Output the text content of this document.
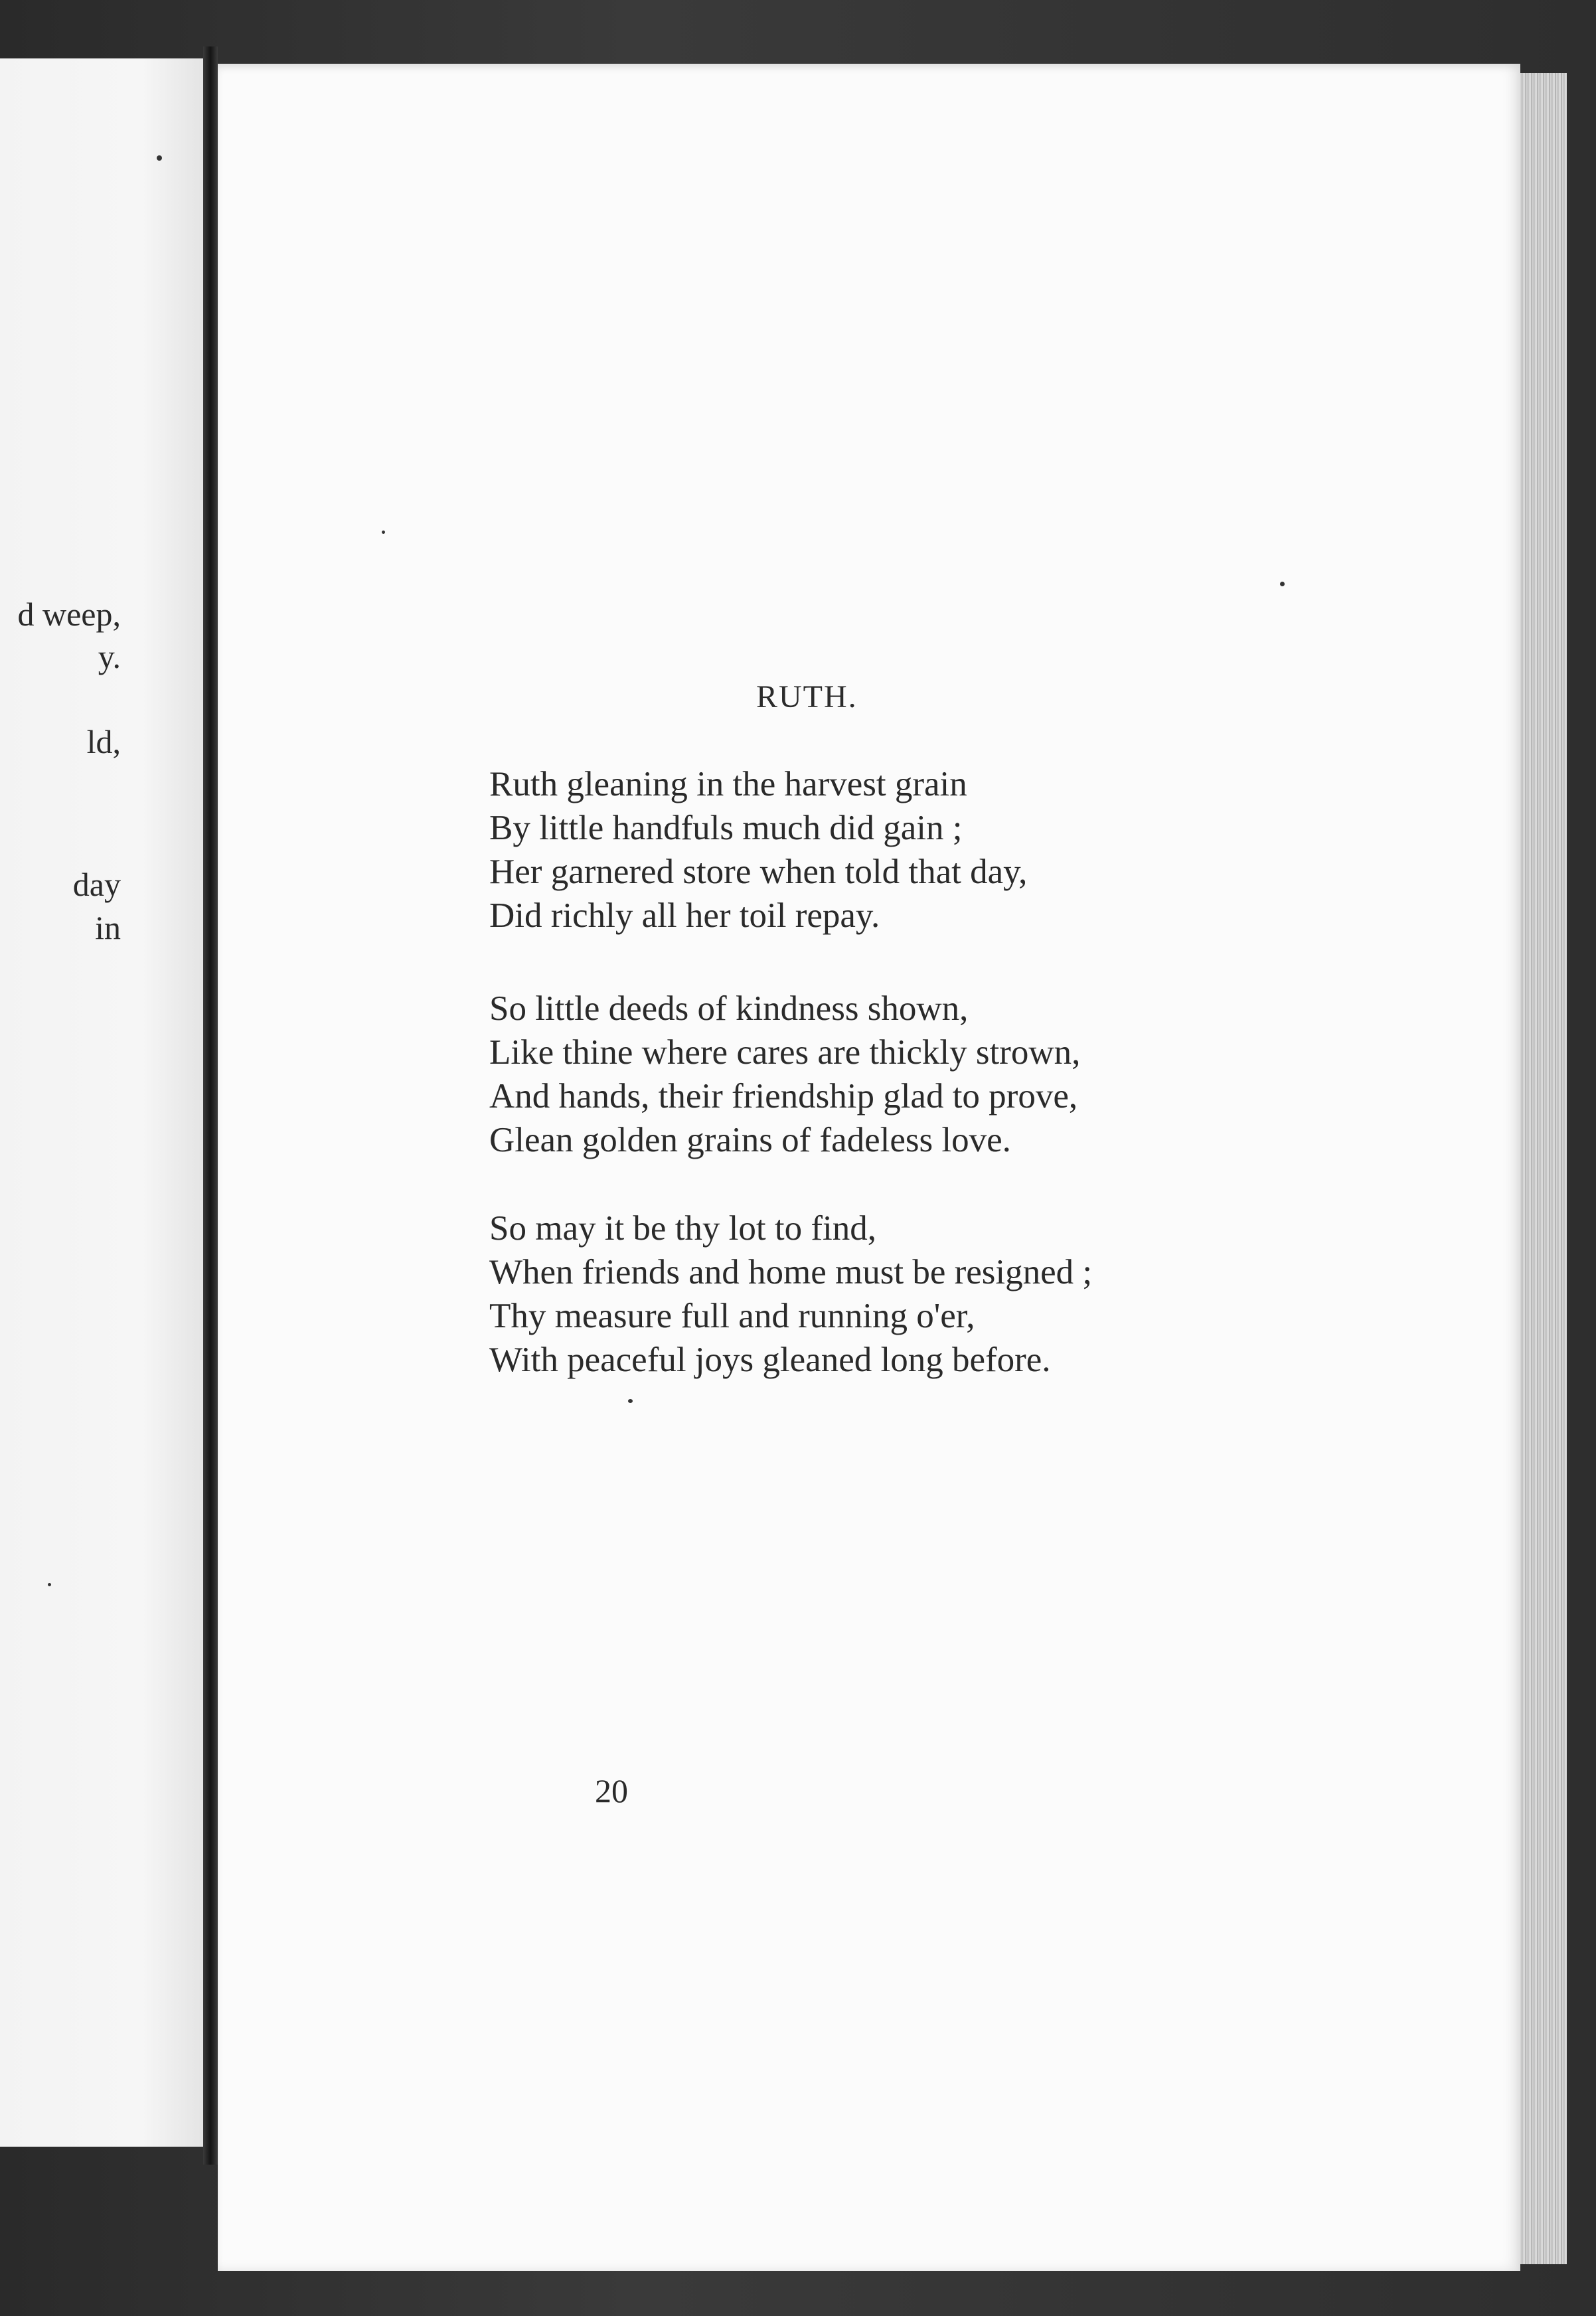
d weep,
y.
ld,
day
in
RUTH.
Ruth gleaning in the harvest grain
By little handfuls much did gain ;
Her garnered store when told that day,
Did richly all her toil repay.
So little deeds of kindness shown,
Like thine where cares are thickly strown,
And hands, their friendship glad to prove,
Glean golden grains of fadeless love.
So may it be thy lot to find,
When friends and home must be resigned ;
Thy measure full and running o'er,
With peaceful joys gleaned long before.
20
